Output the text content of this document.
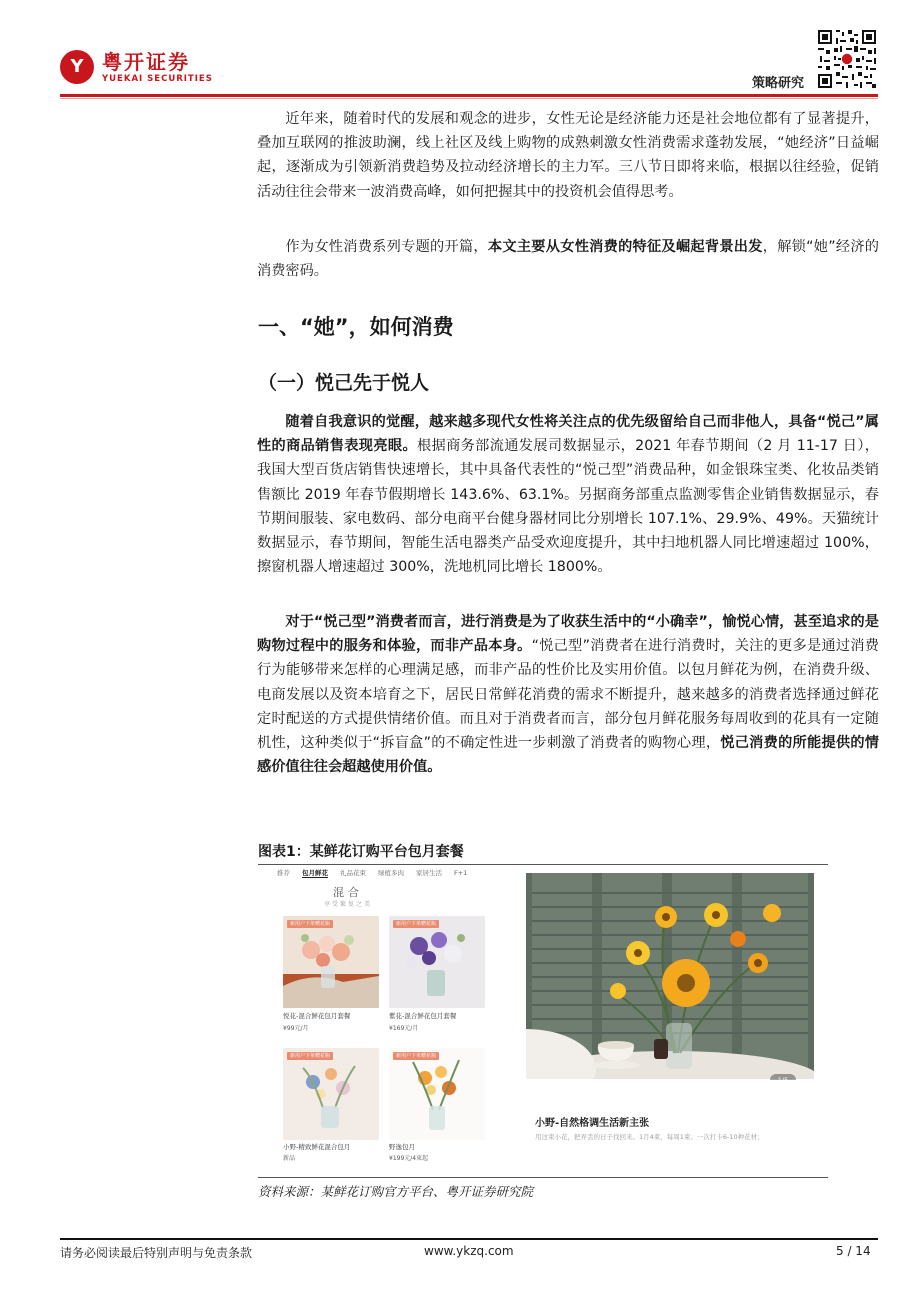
Y 粤开证券
YUEKAI SECURITIES	策略研究

近年来，随着时代的发展和观念的进步，女性无论是经济能力还是社会地位都有了显著提升，叠加互联网的推波助澜，线上社区及线上购物的成熟刺激女性消费需求蓬勃发展，“她经济”日益崛起，逐渐成为引领新消费趋势及拉动经济增长的主力军。三八节日即将来临，根据以往经验，促销活动往往会带来一波消费高峰，如何把握其中的投资机会值得思考。

作为女性消费系列专题的开篇，本文主要从女性消费的特征及崛起背景出发，解锁“她”经济的消费密码。

一、“她”，如何消费
（一）悦己先于悦人

随着自我意识的觉醒，越来越多现代女性将关注点的优先级留给自己而非他人，具备“悦己”属性的商品销售表现亮眼。根据商务部流通发展司数据显示，2021 年春节期间（2 月 11-17 日），我国大型百货店销售快速增长，其中具备代表性的“悦己型”消费品种，如金银珠宝类、化妆品类销售额比 2019 年春节假期增长 143.6%、63.1%。另据商务部重点监测零售企业销售数据显示，春节期间服装、家电数码、部分电商平台健身器材同比分别增长 107.1%、29.9%、49%。天猫统计数据显示，春节期间，智能生活电器类产品受欢迎度提升，其中扫地机器人同比增速超过 100%，擦窗机器人增速超过 300%，洗地机同比增长 1800%。

对于“悦己型”消费者而言，进行消费是为了收获生活中的“小确幸”，愉悦心情，甚至追求的是购物过程中的服务和体验，而非产品本身。“悦己型”消费者在进行消费时，关注的更多是通过消费行为能够带来怎样的心理满足感，而非产品的性价比及实用价值。以包月鲜花为例，在消费升级、电商发展以及资本培育之下，居民日常鲜花消费的需求不断提升，越来越多的消费者选择通过鲜花定时配送的方式提供情绪价值。而且对于消费者而言，部分包月鲜花服务每周收到的花具有一定随机性，这种类似于“拆盲盒”的不确定性进一步刺激了消费者的购物心理，悦己消费的所能提供的情感价值往往会超越使用价值。

图表1：某鲜花订购平台包月套餐
推荐 包月鲜花 礼品花束 绿植多肉 家居生活 F+1
混合
享受繁复之美
新用户下单赠花瓶
悦花-混合鲜花包月套餐
¥99元/月
新用户下单赠花瓶
紫花-混合鲜花包月套餐
¥169元/月
新用户下单赠花瓶
小野-精致鲜花混合包月
新品
新用户下单赠花瓶
野逸包月
¥199元/4束起
小野-自然格调生活新主张
用这束小花，把弄丢的日子找回来。1月4束，每周1束；一次打卡6-10种花材；
资料来源：某鲜花订购官方平台、粤开证券研究院
请务必阅读最后特别声明与免责条款	www.ykzq.com	5 / 14
